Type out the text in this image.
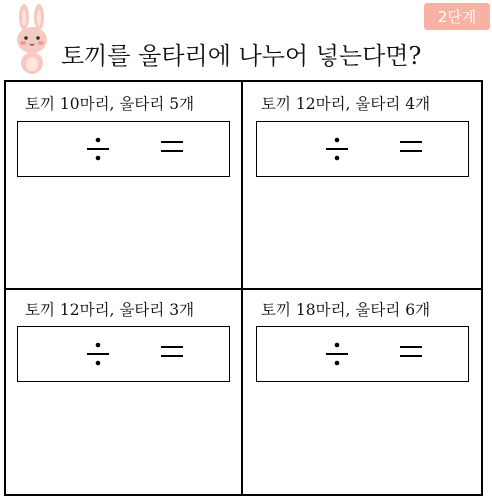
2단계
토끼를 울타리에 나누어 넣는다면?
토끼 10마리, 울타리 5개	토끼 12마리, 울타리 4개
토끼 12마리, 울타리 3개	토끼 18마리, 울타리 6개
